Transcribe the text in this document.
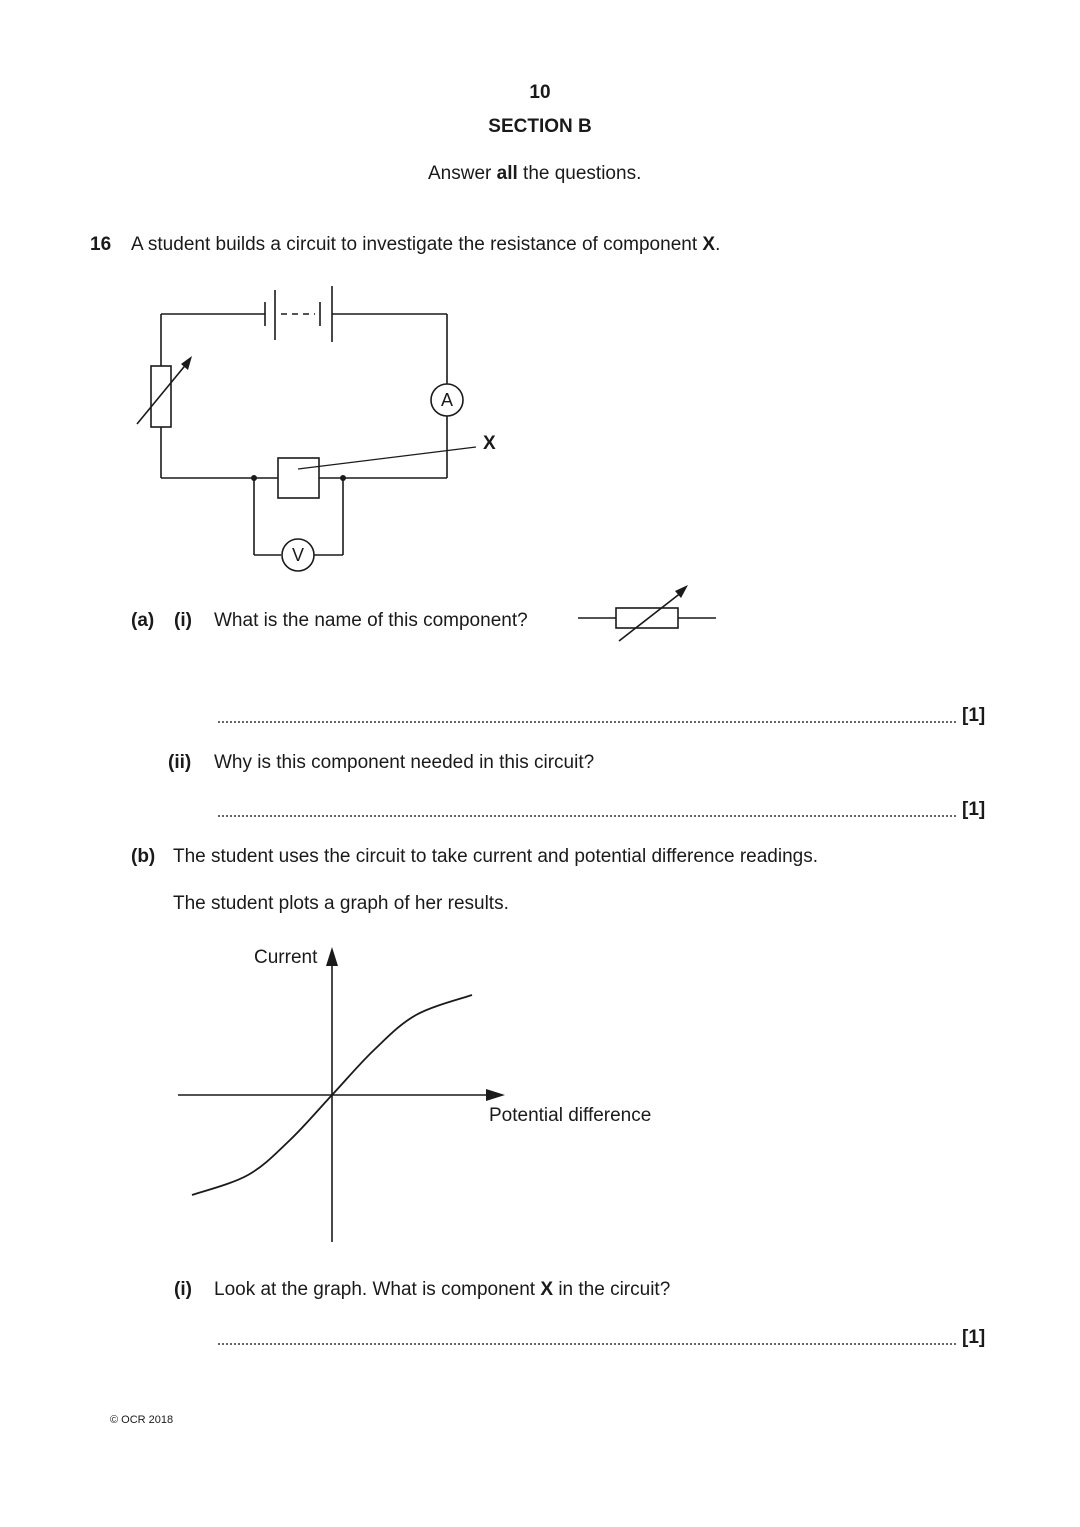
10
SECTION B
Answer all the questions.
16 A student builds a circuit to investigate the resistance of component X.
A
V
X
(a) (i) What is the name of this component?
[1]
(ii) Why is this component needed in this circuit?
[1]
(b) The student uses the circuit to take current and potential difference readings.
The student plots a graph of her results.
Current
Potential difference
(i) Look at the graph. What is component X in the circuit?
[1]
© OCR 2018
